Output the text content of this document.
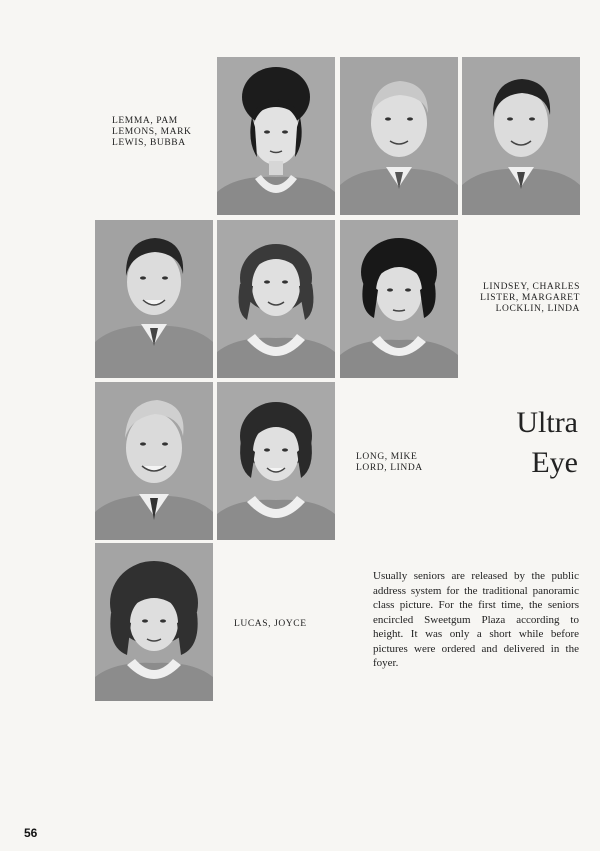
LEMMA, PAM
LEMONS, MARK
LEWIS, BUBBA
LINDSEY, CHARLES
LISTER, MARGARET
LOCKLIN, LINDA
LONG, MIKE
LORD, LINDA
Ultra
Eye
LUCAS, JOYCE
Usually seniors are released by the public address system for the traditional panoramic class picture. For the first time, the seniors encircled Sweetgum Plaza according to height. It was only a short while before pictures were ordered and delivered in the foyer.
56
